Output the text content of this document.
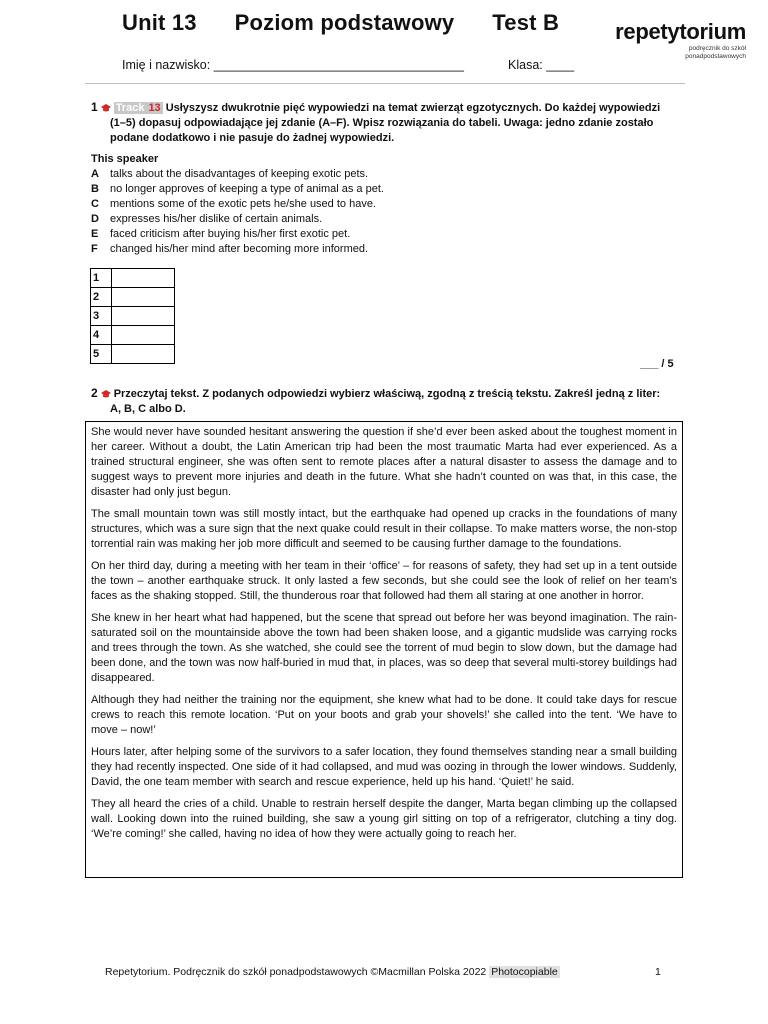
Unit 13 Poziom podstawowy Test B	repetytorium
podręcznik do szkół
ponadpodstawowych
Imię i nazwisko: ____________________________________	Klasa: ____
1 Track 13 Usłyszysz dwukrotnie pięć wypowiedzi na temat zwierząt egzotycznych. Do każdej wypowiedzi
(1–5) dopasuj odpowiadające jej zdanie (A–F). Wpisz rozwiązania do tabeli. Uwaga: jedno zdanie zostało
podane dodatkowo i nie pasuje do żadnej wypowiedzi.
This speaker
A	talks about the disadvantages of keeping exotic pets.
B	no longer approves of keeping a type of animal as a pet.
C	mentions some of the exotic pets he/she used to have.
D	expresses his/her dislike of certain animals.
E	faced criticism after buying his/her first exotic pet.
F	changed his/her mind after becoming more informed.
1	
2	
3	
4	
5	
___ / 5
2 Przeczytaj tekst. Z podanych odpowiedzi wybierz właściwą, zgodną z treścią tekstu. Zakreśl jedną z liter:
A, B, C albo D.

She would never have sounded hesitant answering the question if she’d ever been asked about the toughest moment in her career. Without a doubt, the Latin American trip had been the most traumatic Marta had ever experienced. As a trained structural engineer, she was often sent to remote places after a natural disaster to assess the damage and to suggest ways to prevent more injuries and death in the future. What she hadn’t counted on was that, in this case, the disaster had only just begun.

The small mountain town was still mostly intact, but the earthquake had opened up cracks in the foundations of many structures, which was a sure sign that the next quake could result in their collapse. To make matters worse, the non-stop torrential rain was making her job more difficult and seemed to be causing further damage to the foundations.

On her third day, during a meeting with her team in their ‘office’ – for reasons of safety, they had set up in a tent outside the town – another earthquake struck. It only lasted a few seconds, but she could see the look of relief on her team’s faces as the shaking stopped. Still, the thunderous roar that followed had them all staring at one another in horror.

She knew in her heart what had happened, but the scene that spread out before her was beyond imagination. The rain-saturated soil on the mountainside above the town had been shaken loose, and a gigantic mudslide was carrying rocks and trees through the town. As she watched, she could see the torrent of mud begin to slow down, but the damage had been done, and the town was now half-buried in mud that, in places, was so deep that several multi-storey buildings had disappeared.

Although they had neither the training nor the equipment, she knew what had to be done. It could take days for rescue crews to reach this remote location. ‘Put on your boots and grab your shovels!’ she called into the tent. ‘We have to move – now!’

Hours later, after helping some of the survivors to a safer location, they found themselves standing near a small building they had recently inspected. One side of it had collapsed, and mud was oozing in through the lower windows. Suddenly, David, the one team member with search and rescue experience, held up his hand. ‘Quiet!’ he said.

They all heard the cries of a child. Unable to restrain herself despite the danger, Marta began climbing up the collapsed wall. Looking down into the ruined building, she saw a young girl sitting on top of a refrigerator, clutching a tiny dog. ‘We’re coming!’ she called, having no idea of how they were actually going to reach her.

Repetytorium. Podręcznik do szkół ponadpodstawowych ©Macmillan Polska 2022 Photocopiable	1
